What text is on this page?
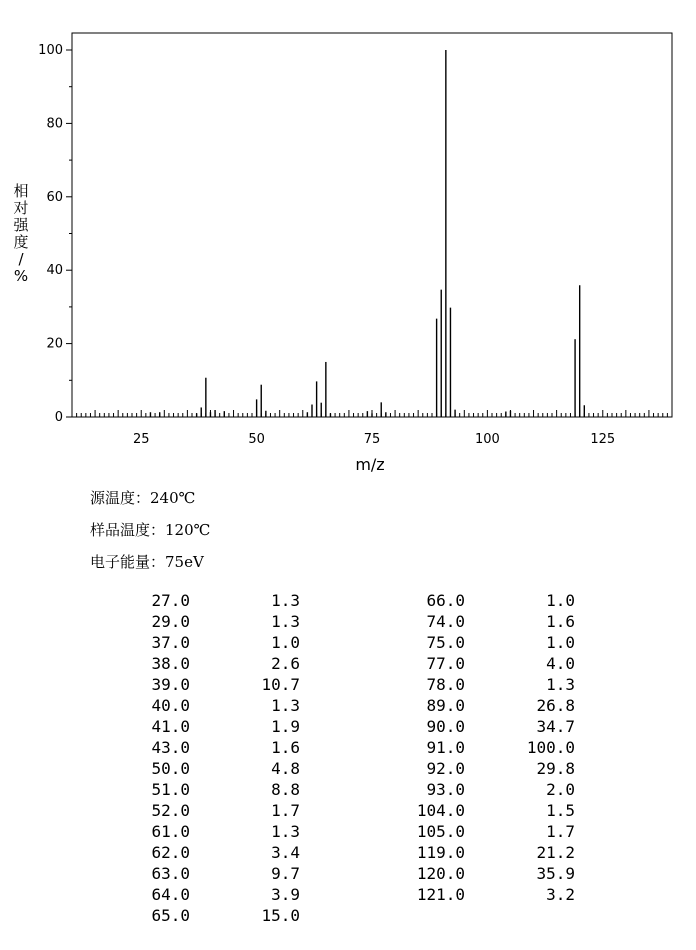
25	50	75	100	125
0
20
40
60
80
100
相
对
强
度
/
%
m/z
源温度：240℃
样品温度：120℃
电子能量：75eV
27.0	1.3	66.0	1.0
29.0	1.3	74.0	1.6
37.0	1.0	75.0	1.0
38.0	2.6	77.0	4.0
39.0	10.7	78.0	1.3
40.0	1.3	89.0	26.8
41.0	1.9	90.0	34.7
43.0	1.6	91.0	100.0
50.0	4.8	92.0	29.8
51.0	8.8	93.0	2.0
52.0	1.7	104.0	1.5
61.0	1.3	105.0	1.7
62.0	3.4	119.0	21.2
63.0	9.7	120.0	35.9
64.0	3.9	121.0	3.2
65.0	15.0
